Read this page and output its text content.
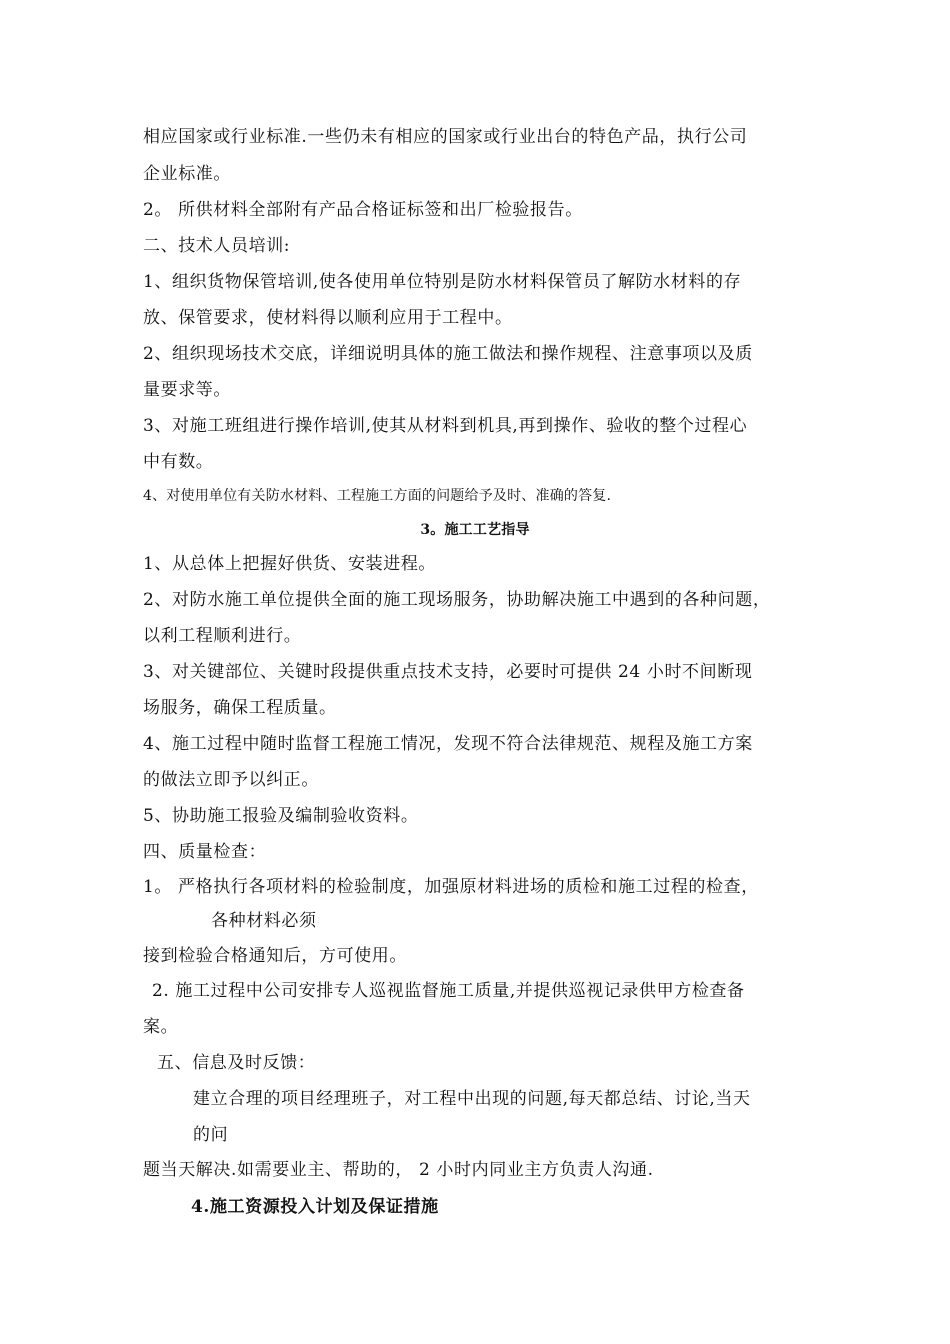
相应国家或行业标准.一些仍未有相应的国家或行业出台的特色产品，执行公司
企业标准。
2。 所供材料全部附有产品合格证标签和出厂检验报告。
二、技术人员培训:
1、组织货物保管培训,使各使用单位特别是防水材料保管员了解防水材料的存
放、保管要求，使材料得以顺利应用于工程中。
2、组织现场技术交底，详细说明具体的施工做法和操作规程、注意事项以及质
量要求等。
3、对施工班组进行操作培训,使其从材料到机具,再到操作、验收的整个过程心
中有数。
4、对使用单位有关防水材料、工程施工方面的问题给予及时、准确的答复.
3。施工工艺指导
1、从总体上把握好供货、安装进程。
2、对防水施工单位提供全面的施工现场服务，协助解决施工中遇到的各种问题，
以利工程顺利进行。
3、对关键部位、关键时段提供重点技术支持，必要时可提供 24 小时不间断现
场服务，确保工程质量。
4、施工过程中随时监督工程施工情况，发现不符合法律规范、规程及施工方案
的做法立即予以纠正。
5、协助施工报验及编制验收资料。
四、质量检查：
1。 严格执行各项材料的检验制度，加强原材料进场的质检和施工过程的检查，
各种材料必须
接到检验合格通知后，方可使用。
2. 施工过程中公司安排专人巡视监督施工质量,并提供巡视记录供甲方检查备
案。
五、信息及时反馈：
建立合理的项目经理班子，对工程中出现的问题,每天都总结、讨论,当天
的问
题当天解决.如需要业主、帮助的， 2 小时内同业主方负责人沟通.
4.施工资源投入计划及保证措施
